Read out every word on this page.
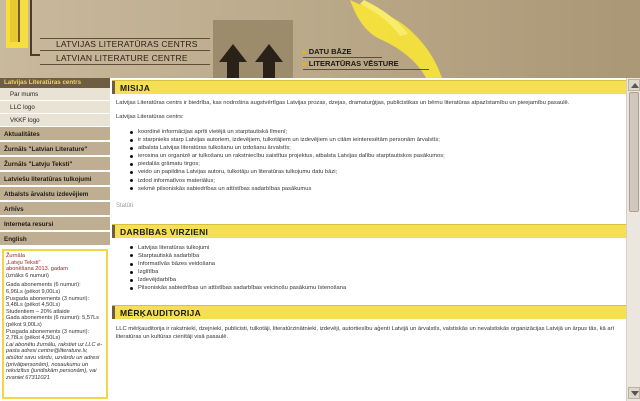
LATVIJAS LITERATŪRAS CENTRS
LATVIAN LITERATURE CENTRE
▸ DATU BĀZE
▸ LITERATŪRAS VĒSTURE
Latvijas Literatūras centrs
Par mums
LLC logo
VKKF logo
Aktualitātes
Žurnāls "Latvian Literature"
Žurnāls "Latvju Teksti"
Latviešu literatūras tulkojumi
Atbalsts ārvalstu izdevējiem
Arhīvs
Interneta resursi
English

Žurnāla

„Latvju Teksti"

abonēšana 2013. gadam

(iznāks 6 numuri)

Gada abonements (6 numuri):

6,96Ls (pēkot 9,00Ls)

Pusgada abonements (3 numuri): 3,48Ls (pēkot 4,50Ls)

Studentiem – 20% atlaide

Gada abonements (6 numuri): 5,57Ls (pēkot 9,00Ls)

Pusgada abonements (3 numuri): 2,78Ls (pēkot 4,50Ls)

Lai abonētu žurnālu, rakstiet uz LLC e-pasta adresi centre@literature.lv, atsūtot savu vārdu, uzvārdu un adresi (privātpersonām), nosaukumu un rekvizītus (juridiskām personām), vai zvaniet 67311021

MISIJA

Latvijas Literatūras centrs ir biedrība, kas nodrošina augstvērtīgas Latvijas prozas, dzejas, dramaturģijas, publicistikas un bērnu literatūras atpazīstamību un pieejamību pasaulē.

Latvijas Literatūras centrs:

koordinē informācijas aprīti vietējā un starptautiskā līmenī;
ir starpnieks starp Latvijas autoriem, izdevējiem, tulkotājiem un izdevējiem un citām ieinteresētām personām ārvalstīs;
atbalsta Latvijas literatūras tulkošanu un izdošanu ārvalstīs;
ierosina un organizē ar tulkošanu un rakstniecību saistītus projektus, atbalsta Latvijas dalību starptautiskos pasākumos;
piedalās grāmatu tirgos;
veido un papildina Latvijas autoru, tulkotāju un literatūras tulkojumu datu bāzi;
izdod informatīvos materiālus;
sekmē pilsoniskās sabiedrības un attīstības sadarbības pasākumus

Statūti

DARBĪBAS VIRZIENI
Latvijas literatūras tulkojumi
Starptautiskā sadarbība
Informatīvās bāzes veidošana
Izglītība
Izdevējdarbība
Pilsoniskās sabiedrības un attīstības sadarbības veicinošu pasākumu īstenošana
MĒRĶAUDITORIJA

LLC mērķauditorija ir rakstnieki, dzejnieki, publicisti, tulkotāji, literatūrzinātnieki, izdevēji, autortiesību aģenti Latvijā un ārvalstīs, valstiskās un nevalstiskās organizācijas Latvijā un ārpus tās, kā arī literatūras un kultūras cienītāji visā pasaulē.
